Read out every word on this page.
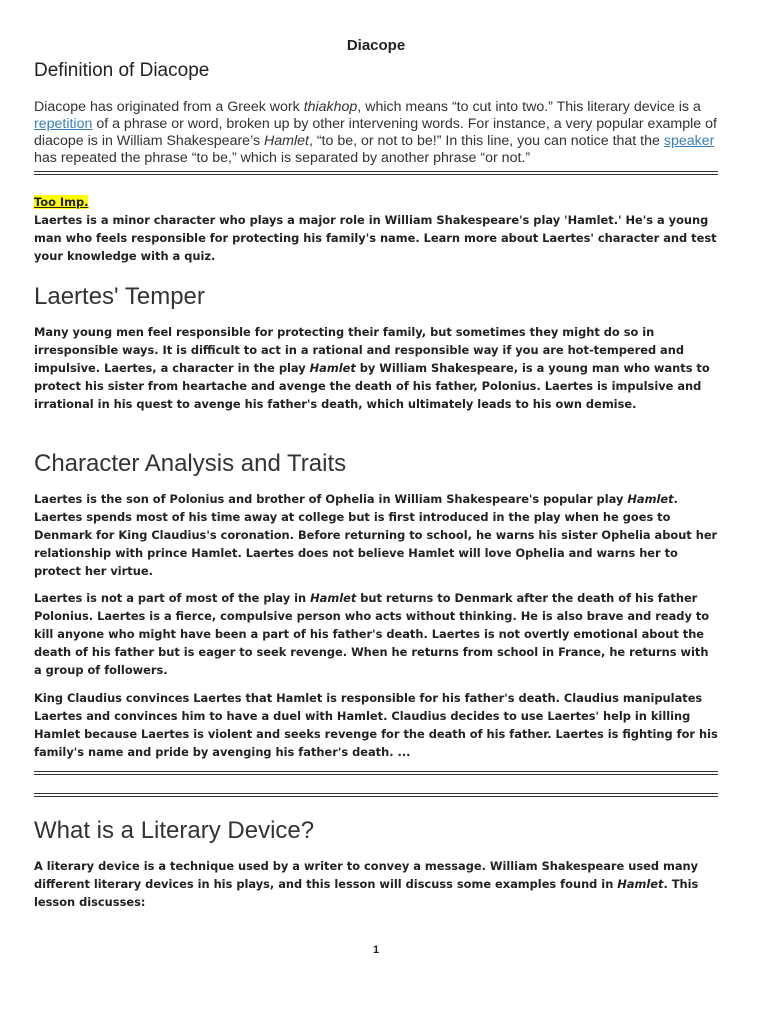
Diacope
Definition of Diacope

Diacope has originated from a Greek work thiakhop, which means “to cut into two.” This literary device is a repetition of a phrase or word, broken up by other intervening words. For instance, a very popular example of diacope is in William Shakespeare’s Hamlet, “to be, or not to be!” In this line, you can notice that the speaker has repeated the phrase “to be,” which is separated by another phrase “or not.”

Too Imp.
Laertes is a minor character who plays a major role in William Shakespeare's play 'Hamlet.' He's a young man who feels responsible for protecting his family's name. Learn more about Laertes' character and test your knowledge with a quiz.

Laertes' Temper

Many young men feel responsible for protecting their family, but sometimes they might do so in irresponsible ways. It is difficult to act in a rational and responsible way if you are hot-tempered and impulsive. Laertes, a character in the play Hamlet by William Shakespeare, is a young man who wants to protect his sister from heartache and avenge the death of his father, Polonius. Laertes is impulsive and irrational in his quest to avenge his father's death, which ultimately leads to his own demise.

Character Analysis and Traits

Laertes is the son of Polonius and brother of Ophelia in William Shakespeare's popular play Hamlet. Laertes spends most of his time away at college but is first introduced in the play when he goes to Denmark for King Claudius's coronation. Before returning to school, he warns his sister Ophelia about her relationship with prince Hamlet. Laertes does not believe Hamlet will love Ophelia and warns her to protect her virtue.

Laertes is not a part of most of the play in Hamlet but returns to Denmark after the death of his father Polonius. Laertes is a fierce, compulsive person who acts without thinking. He is also brave and ready to kill anyone who might have been a part of his father's death. Laertes is not overtly emotional about the death of his father but is eager to seek revenge. When he returns from school in France, he returns with a group of followers.

King Claudius convinces Laertes that Hamlet is responsible for his father's death. Claudius manipulates Laertes and convinces him to have a duel with Hamlet. Claudius decides to use Laertes' help in killing Hamlet because Laertes is violent and seeks revenge for the death of his father. Laertes is fighting for his family's name and pride by avenging his father's death. ...

What is a Literary Device?

A literary device is a technique used by a writer to convey a message. William Shakespeare used many different literary devices in his plays, and this lesson will discuss some examples found in Hamlet. This lesson discusses:

1
